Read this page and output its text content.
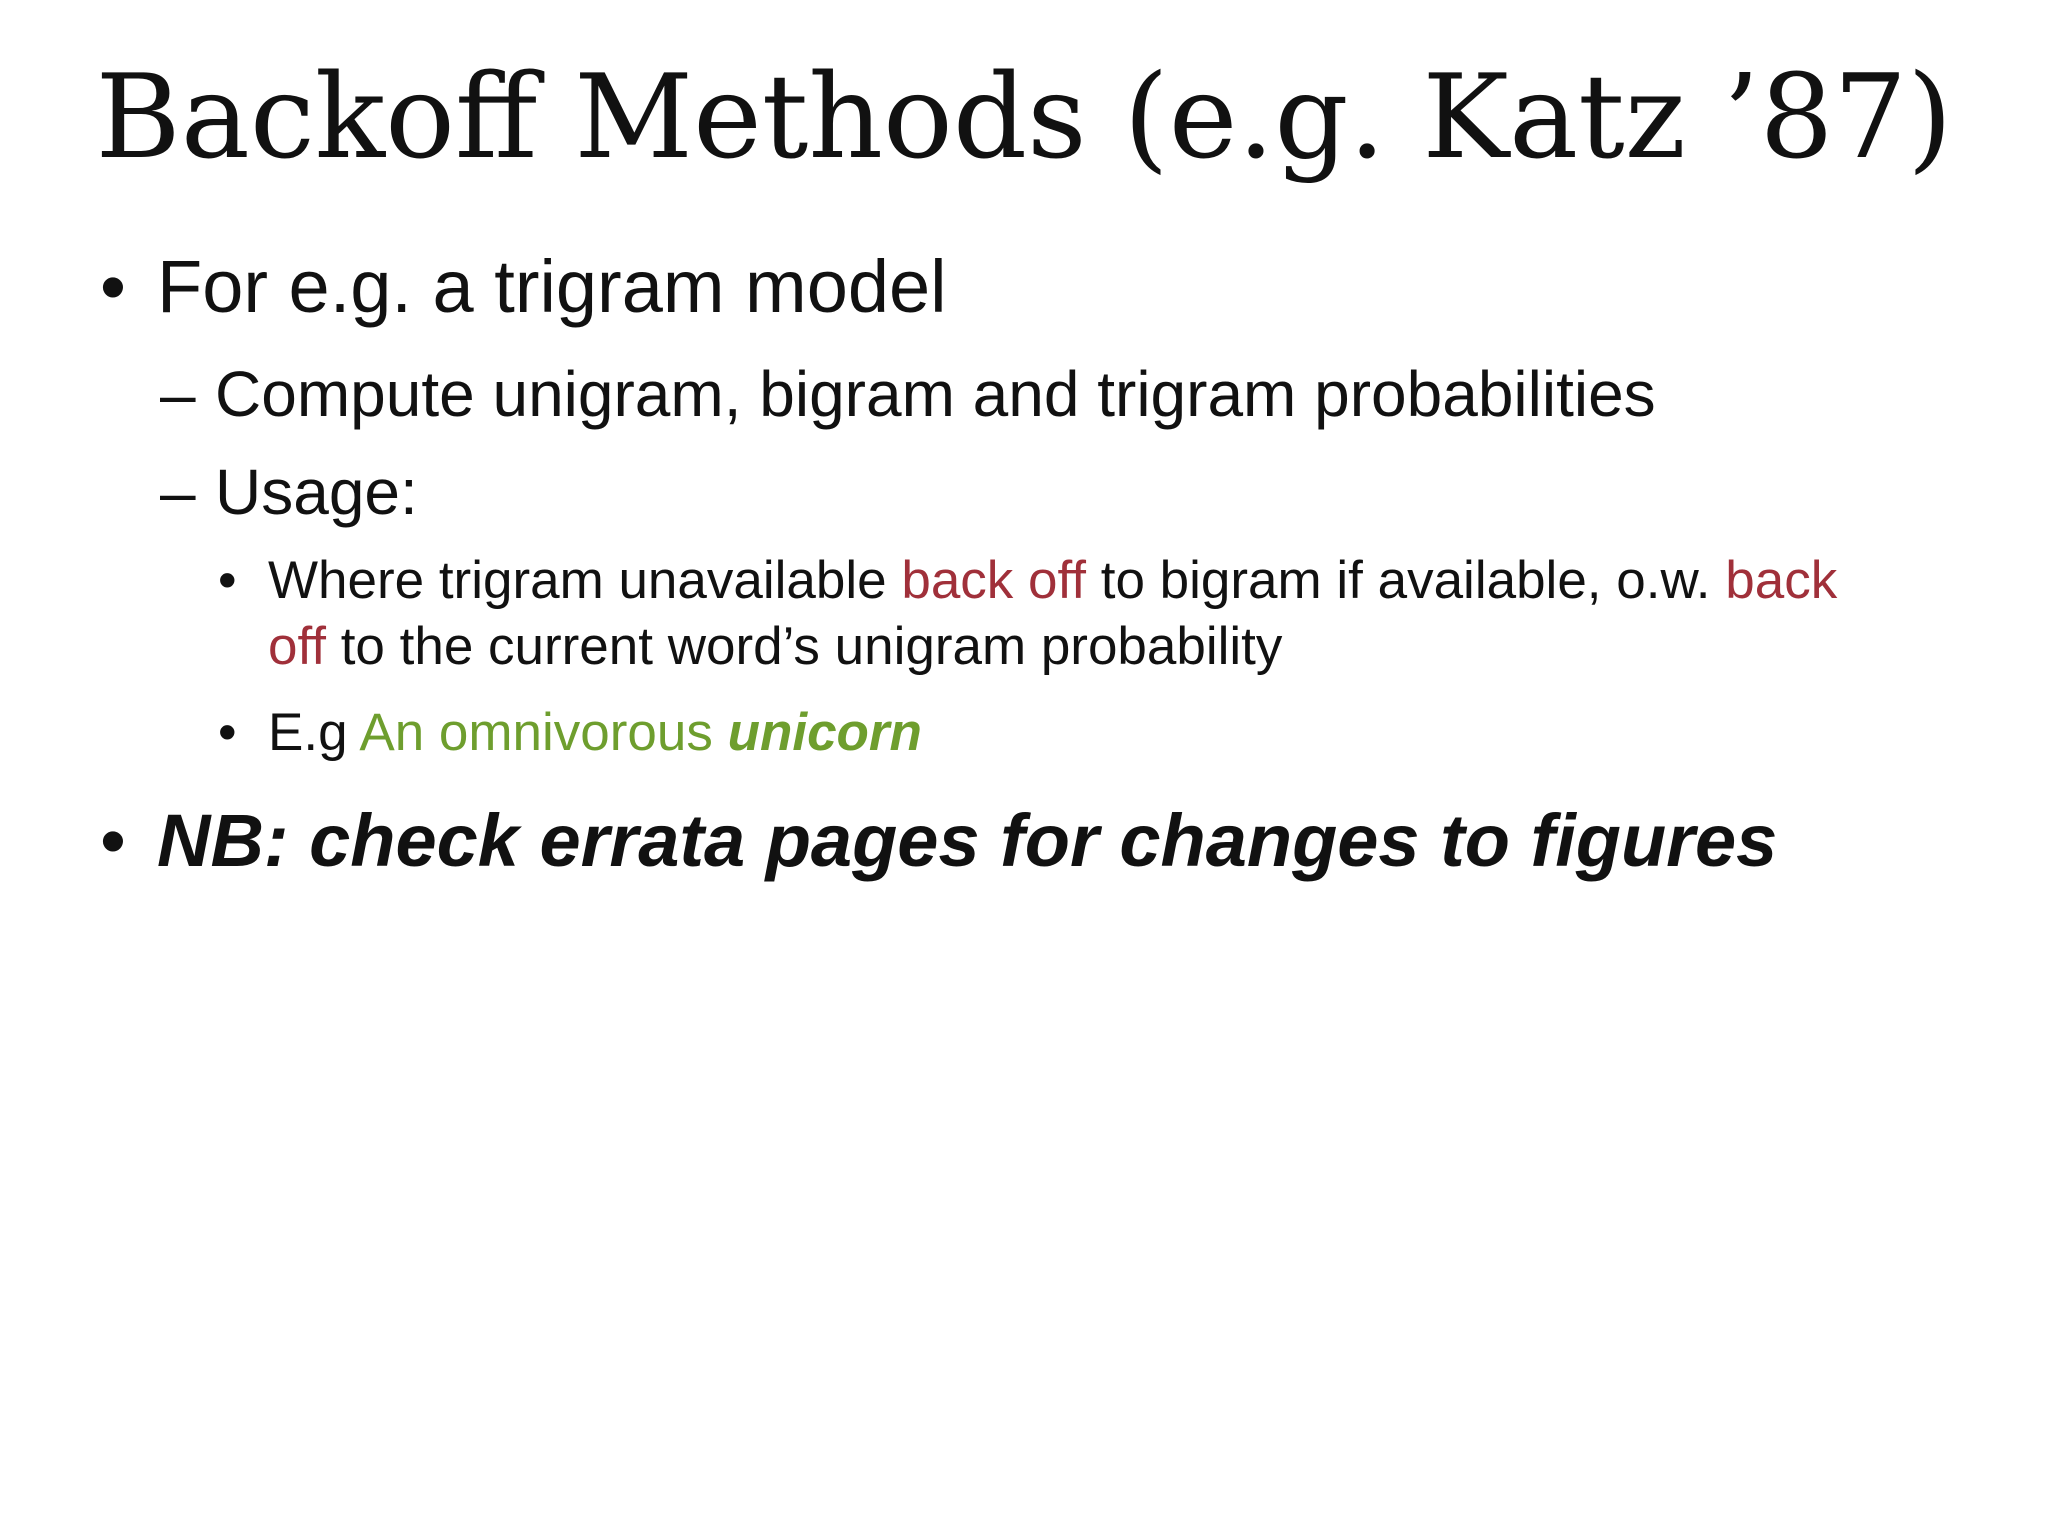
Backoff Methods (e.g. Katz ’87)
• For e.g. a trigram model
– Compute unigram, bigram and trigram probabilities
– Usage:
• Where trigram unavailable back off to bigram if available, o.w. back
off to the current word’s unigram probability
• E.g An omnivorous unicorn
• NB: check errata pages for changes to figures
